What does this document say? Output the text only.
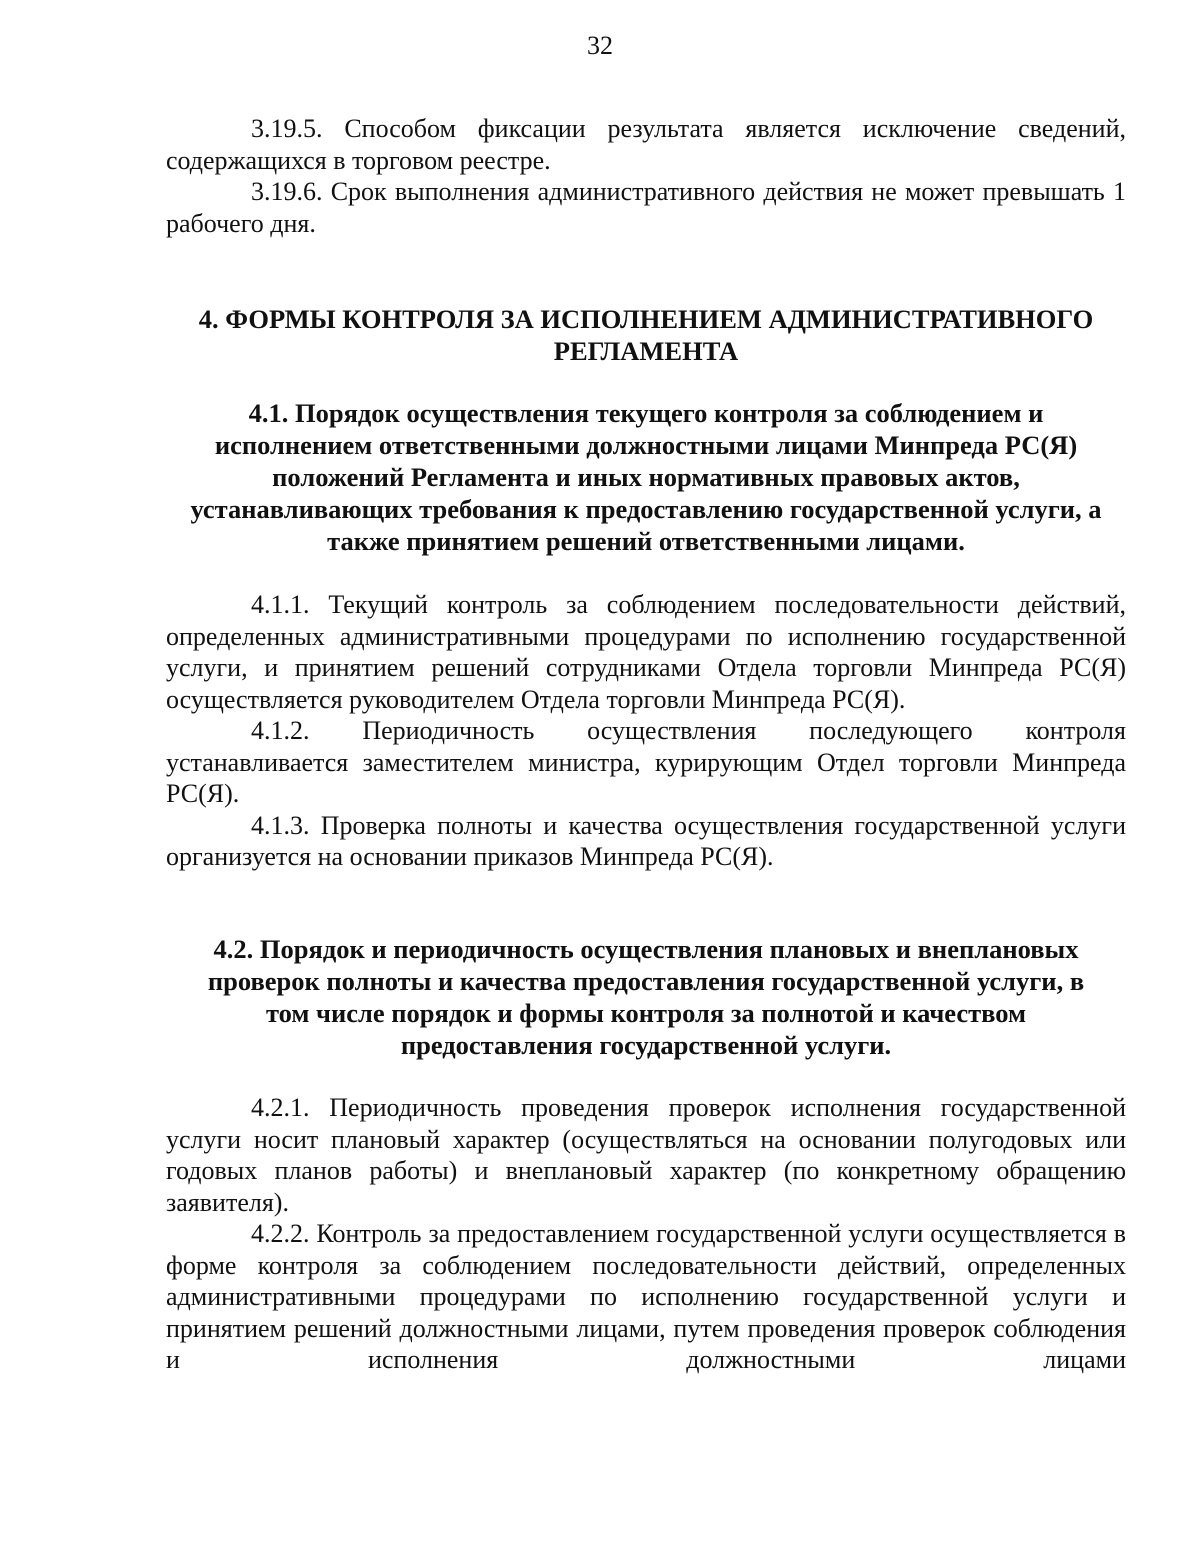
32

3.19.5. Способом фиксации результата является исключение сведений, содержащихся в торговом реестре.

3.19.6. Срок выполнения административного действия не может превышать 1 рабочего дня.

4. ФОРМЫ КОНТРОЛЯ ЗА ИСПОЛНЕНИЕМ АДМИНИСТРАТИВНОГО
РЕГЛАМЕНТА
4.1. Порядок осуществления текущего контроля за соблюдением и
исполнением ответственными должностными лицами Минпреда РС(Я)
положений Регламента и иных нормативных правовых актов,
устанавливающих требования к предоставлению государственной услуги, а
также принятием решений ответственными лицами.

4.1.1. Текущий контроль за соблюдением последовательности действий, определенных административными процедурами по исполнению государственной услуги, и принятием решений сотрудниками Отдела торговли Минпреда РС(Я) осуществляется руководителем Отдела торговли Минпреда РС(Я).

4.1.2. Периодичность осуществления последующего контроля устанавливается заместителем министра, курирующим Отдел торговли Минпреда РС(Я).

4.1.3. Проверка полноты и качества осуществления государственной услуги организуется на основании приказов Минпреда РС(Я).

4.2. Порядок и периодичность осуществления плановых и внеплановых
проверок полноты и качества предоставления государственной услуги, в
том числе порядок и формы контроля за полнотой и качеством
предоставления государственной услуги.

4.2.1. Периодичность проведения проверок исполнения государственной услуги носит плановый характер (осуществляться на основании полугодовых или годовых планов работы) и внеплановый характер (по конкретному обращению заявителя).

4.2.2. Контроль за предоставлением государственной услуги осуществляется в форме контроля за соблюдением последовательности действий, определенных административными процедурами по исполнению государственной услуги и принятием решений должностными лицами, путем проведения проверок соблюдения и исполнения должностными лицами
